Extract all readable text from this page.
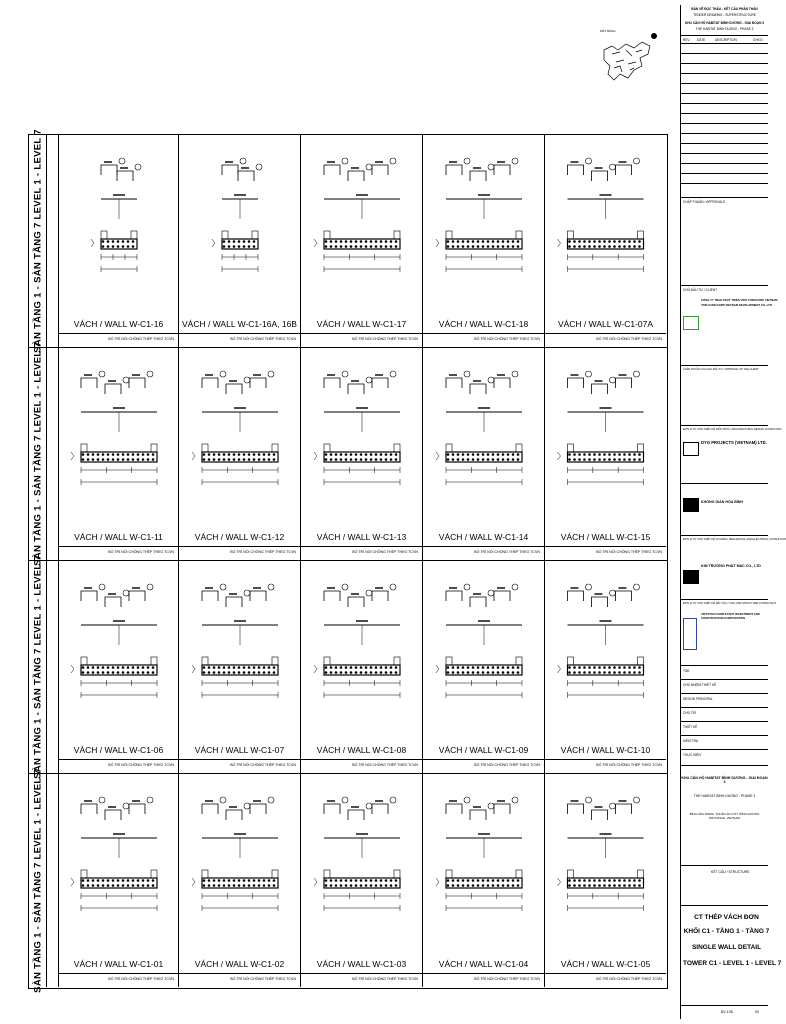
MẶT BẰNG
SÀN TẦNG 1 - SÀN TẦNG 7 LEVEL 1 - LEVEL 7	VÁCH / WALL W-C1-16
BỐ TRÍ NỐI CHỒNG THÉP THEO TCVN
VÁCH / WALL W-C1-16A, 16B
BỐ TRÍ NỐI CHỒNG THÉP THEO TCVN
VÁCH / WALL W-C1-17
BỐ TRÍ NỐI CHỒNG THÉP THEO TCVN
VÁCH / WALL W-C1-18
BỐ TRÍ NỐI CHỒNG THÉP THEO TCVN
VÁCH / WALL W-C1-07A
BỐ TRÍ NỐI CHỒNG THÉP THEO TCVN
SÀN TẦNG 1 - SÀN TẦNG 7 LEVEL 1 - LEVEL 7	VÁCH / WALL W-C1-11
BỐ TRÍ NỐI CHỒNG THÉP THEO TCVN
VÁCH / WALL W-C1-12
BỐ TRÍ NỐI CHỒNG THÉP THEO TCVN
VÁCH / WALL W-C1-13
BỐ TRÍ NỐI CHỒNG THÉP THEO TCVN
VÁCH / WALL W-C1-14
BỐ TRÍ NỐI CHỒNG THÉP THEO TCVN
VÁCH / WALL W-C1-15
BỐ TRÍ NỐI CHỒNG THÉP THEO TCVN
SÀN TẦNG 1 - SÀN TẦNG 7 LEVEL 1 - LEVEL 7	VÁCH / WALL W-C1-06
BỐ TRÍ NỐI CHỒNG THÉP THEO TCVN
VÁCH / WALL W-C1-07
BỐ TRÍ NỐI CHỒNG THÉP THEO TCVN
VÁCH / WALL W-C1-08
BỐ TRÍ NỐI CHỒNG THÉP THEO TCVN
VÁCH / WALL W-C1-09
BỐ TRÍ NỐI CHỒNG THÉP THEO TCVN
VÁCH / WALL W-C1-10
BỐ TRÍ NỐI CHỒNG THÉP THEO TCVN
SÀN TẦNG 1 - SÀN TẦNG 7 LEVEL 1 - LEVEL 7	VÁCH / WALL W-C1-01
BỐ TRÍ NỐI CHỒNG THÉP THEO TCVN
VÁCH / WALL W-C1-02
BỐ TRÍ NỐI CHỒNG THÉP THEO TCVN
VÁCH / WALL W-C1-03
BỐ TRÍ NỐI CHỒNG THÉP THEO TCVN
VÁCH / WALL W-C1-04
BỐ TRÍ NỐI CHỒNG THÉP THEO TCVN
VÁCH / WALL W-C1-05
BỐ TRÍ NỐI CHỒNG THÉP THEO TCVN
BẢN VẼ ĐỌC THẦU - KẾT CẤU PHẦN THÂN
TENDER DRAWING - SUPERSTRUCTURE
KHU CĂN HỘ HABITAT BÌNH DƯƠNG - GIAI ĐOẠN 3
THE HABITAT BINH DUONG - PHASE 3
REV. DATE	DESCRIPTION	CHK'D
CHẤP THUẬN / APPROVALS
CHỦ ĐẦU TƯ / CLIENT
CÔNG TY TNHH PHÁT TRIỂN VSIP CONGCORP VIETNAM
VSIP-CONGCORP VIETNAM DEVELOPMENT CO.,LTD
CHẤP THUẬN CỦA CHỦ ĐẦU TƯ / APPROVAL OF THE CLIENT
ĐƠN VỊ TƯ VẤN THIẾT KẾ KIẾN TRÚC / ARCHITECTURAL DESIGN CONSULTANT
DYG PROJECTS (VIETNAM) LTD.
KHÔNG GIAN HÒA BÌNH
ĐƠN VỊ TƯ VẤN THIẾT KẾ CƠ ĐIỆN / MECHANICAL AND ELECTRICAL CONSULTANT
KIM TRƯỜNG PHÁT M&C CO., LTD
ĐƠN VỊ TƯ VẤN THIẾT KẾ KẾT CẤU / CIVIL AND STRUCTURE CONSULTANT
VIETSTAR CONSULTANT INVESTMENT AND CONSTRUCTION CORPORATION
TSĐ
CHỦ NHIỆM THIẾT KẾ
DESIGN PRINCIPAL
CHỦ TRÌ
THIẾT KẾ
KIỂM TRA
THỰC HIỆN
KHU CĂN HỘ HABITAT BÌNH DƯƠNG - GIAI ĐOẠN 3
THE HABITAT BINH DUONG - PHASE 3
BÌNH HÒA WARD, THUẬN AN CITY, BÌNH DƯƠNG PROVINCE, VIETNAM
KẾT CẤU / STRUCTURE
CT THÉP VÁCH ĐƠN
KHỐI C1 - TẦNG 1 - TẦNG 7
SINGLE WALL DETAIL
TOWER C1 - LEVEL 1 - LEVEL 7
BV-136	00
